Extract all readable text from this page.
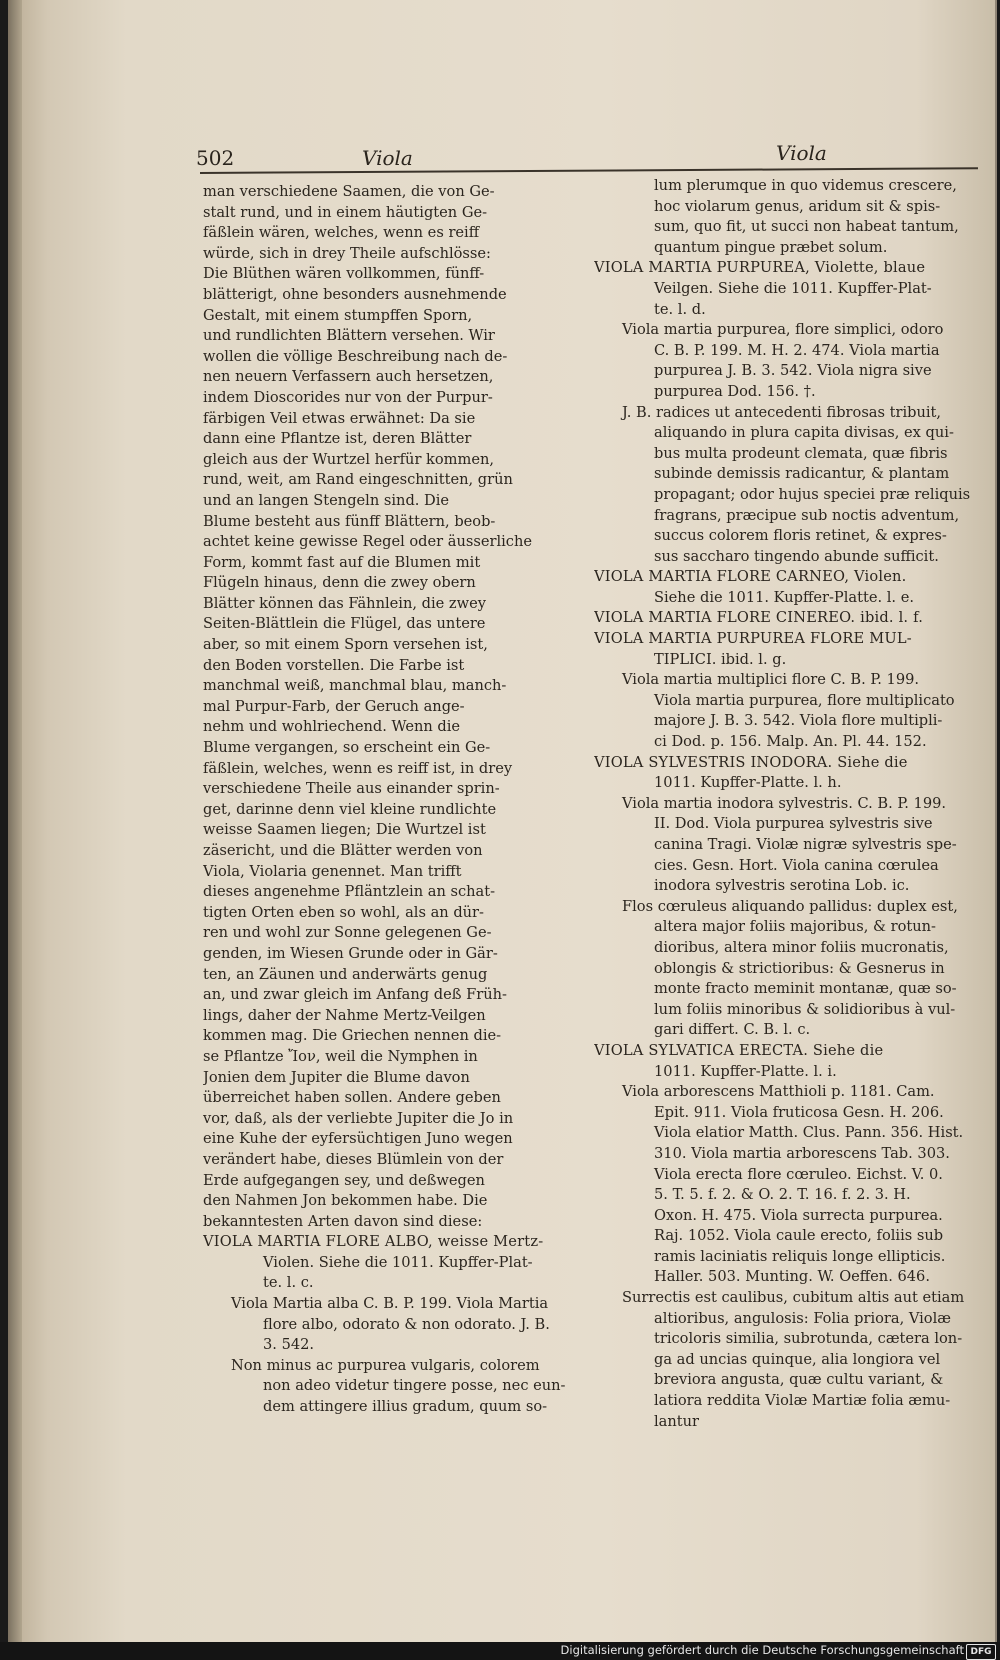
502	Viola	Viola
man verschiedene Saamen, die von Ge-
stalt rund, und in einem häutigten Ge-
fäßlein wären, welches, wenn es reiff
würde, sich in drey Theile aufschlösse:
Die Blüthen wären vollkommen, fünff-
blätterigt, ohne besonders ausnehmende
Gestalt, mit einem stumpffen Sporn,
und rundlichten Blättern versehen. Wir
wollen die völlige Beschreibung nach de-
nen neuern Verfassern auch hersetzen,
indem Dioscorides nur von der Purpur-
färbigen Veil etwas erwähnet: Da sie
dann eine Pflantze ist, deren Blätter
gleich aus der Wurtzel herfür kommen,
rund, weit, am Rand eingeschnitten, grün
und an langen Stengeln sind. Die
Blume besteht aus fünff Blättern, beob-
achtet keine gewisse Regel oder äusserliche
Form, kommt fast auf die Blumen mit
Flügeln hinaus, denn die zwey obern
Blätter können das Fähnlein, die zwey
Seiten-Blättlein die Flügel, das untere
aber, so mit einem Sporn versehen ist,
den Boden vorstellen. Die Farbe ist
manchmal weiß, manchmal blau, manch-
mal Purpur-Farb, der Geruch ange-
nehm und wohlriechend. Wenn die
Blume vergangen, so erscheint ein Ge-
fäßlein, welches, wenn es reiff ist, in drey
verschiedene Theile aus einander sprin-
get, darinne denn viel kleine rundlichte
weisse Saamen liegen; Die Wurtzel ist
zäsericht, und die Blätter werden von
Viola, Violaria genennet. Man trifft
dieses angenehme Pfläntzlein an schat-
tigten Orten eben so wohl, als an dür-
ren und wohl zur Sonne gelegenen Ge-
genden, im Wiesen Grunde oder in Gär-
ten, an Zäunen und anderwärts genug
an, und zwar gleich im Anfang deß Früh-
lings, daher der Nahme Mertz-Veilgen
kommen mag. Die Griechen nennen die-
se Pflantze Ἴον, weil die Nymphen in
Jonien dem Jupiter die Blume davon
überreichet haben sollen. Andere geben
vor, daß, als der verliebte Jupiter die Jo in
eine Kuhe der eyfersüchtigen Juno wegen
verändert habe, dieses Blümlein von der
Erde aufgegangen sey, und deßwegen
den Nahmen Jon bekommen habe. Die
bekanntesten Arten davon sind diese:
VIOLA MARTIA FLORE ALBO, weisse Mertz-
Violen. Siehe die 1011. Kupffer-Plat-
te. l. c.
Viola Martia alba C. B. P. 199. Viola Martia
flore albo, odorato & non odorato. J. B.
3. 542.
Non minus ac purpurea vulgaris, colorem
non adeo videtur tingere posse, nec eun-
dem attingere illius gradum, quum so-
lum plerumque in quo videmus crescere,
hoc violarum genus, aridum sit & spis-
sum, quo fit, ut succi non habeat tantum,
quantum pingue præbet solum.
VIOLA MARTIA PURPUREA, Violette, blaue
Veilgen. Siehe die 1011. Kupffer-Plat-
te. l. d.
Viola martia purpurea, flore simplici, odoro
C. B. P. 199. M. H. 2. 474. Viola martia
purpurea J. B. 3. 542. Viola nigra sive
purpurea Dod. 156. †.
J. B. radices ut antecedenti fibrosas tribuit,
aliquando in plura capita divisas, ex qui-
bus multa prodeunt clemata, quæ fibris
subinde demissis radicantur, & plantam
propagant; odor hujus speciei præ reliquis
fragrans, præcipue sub noctis adventum,
succus colorem floris retinet, & expres-
sus saccharo tingendo abunde sufficit.
VIOLA MARTIA FLORE CARNEO, Violen.
Siehe die 1011. Kupffer-Platte. l. e.
VIOLA MARTIA FLORE CINEREO. ibid. l. f.
VIOLA MARTIA PURPUREA FLORE MUL-
TIPLICI. ibid. l. g.
Viola martia multiplici flore C. B. P. 199.
Viola martia purpurea, flore multiplicato
majore J. B. 3. 542. Viola flore multipli-
ci Dod. p. 156. Malp. An. Pl. 44. 152.
VIOLA SYLVESTRIS INODORA. Siehe die
1011. Kupffer-Platte. l. h.
Viola martia inodora sylvestris. C. B. P. 199.
II. Dod. Viola purpurea sylvestris sive
canina Tragi. Violæ nigræ sylvestris spe-
cies. Gesn. Hort. Viola canina cœrulea
inodora sylvestris serotina Lob. ic.
Flos cœruleus aliquando pallidus: duplex est,
altera major foliis majoribus, & rotun-
dioribus, altera minor foliis mucronatis,
oblongis & strictioribus: & Gesnerus in
monte fracto meminit montanæ, quæ so-
lum foliis minoribus & solidioribus à vul-
gari differt. C. B. l. c.
VIOLA SYLVATICA ERECTA. Siehe die
1011. Kupffer-Platte. l. i.
Viola arborescens Matthioli p. 1181. Cam.
Epit. 911. Viola fruticosa Gesn. H. 206.
Viola elatior Matth. Clus. Pann. 356. Hist.
310. Viola martia arborescens Tab. 303.
Viola erecta flore cœruleo. Eichst. V. 0.
5. T. 5. f. 2. & O. 2. T. 16. f. 2. 3. H.
Oxon. H. 475. Viola surrecta purpurea.
Raj. 1052. Viola caule erecto, foliis sub
ramis laciniatis reliquis longe ellipticis.
Haller. 503. Munting. W. Oeffen. 646.
Surrectis est caulibus, cubitum altis aut etiam
altioribus, angulosis: Folia priora, Violæ
tricoloris similia, subrotunda, cætera lon-
ga ad uncias quinque, alia longiora vel
breviora angusta, quæ cultu variant, &
latiora reddita Violæ Martiæ folia æmu-
lantur
Digitalisierung gefördert durch die Deutsche Forschungsgemeinschaft DFG
